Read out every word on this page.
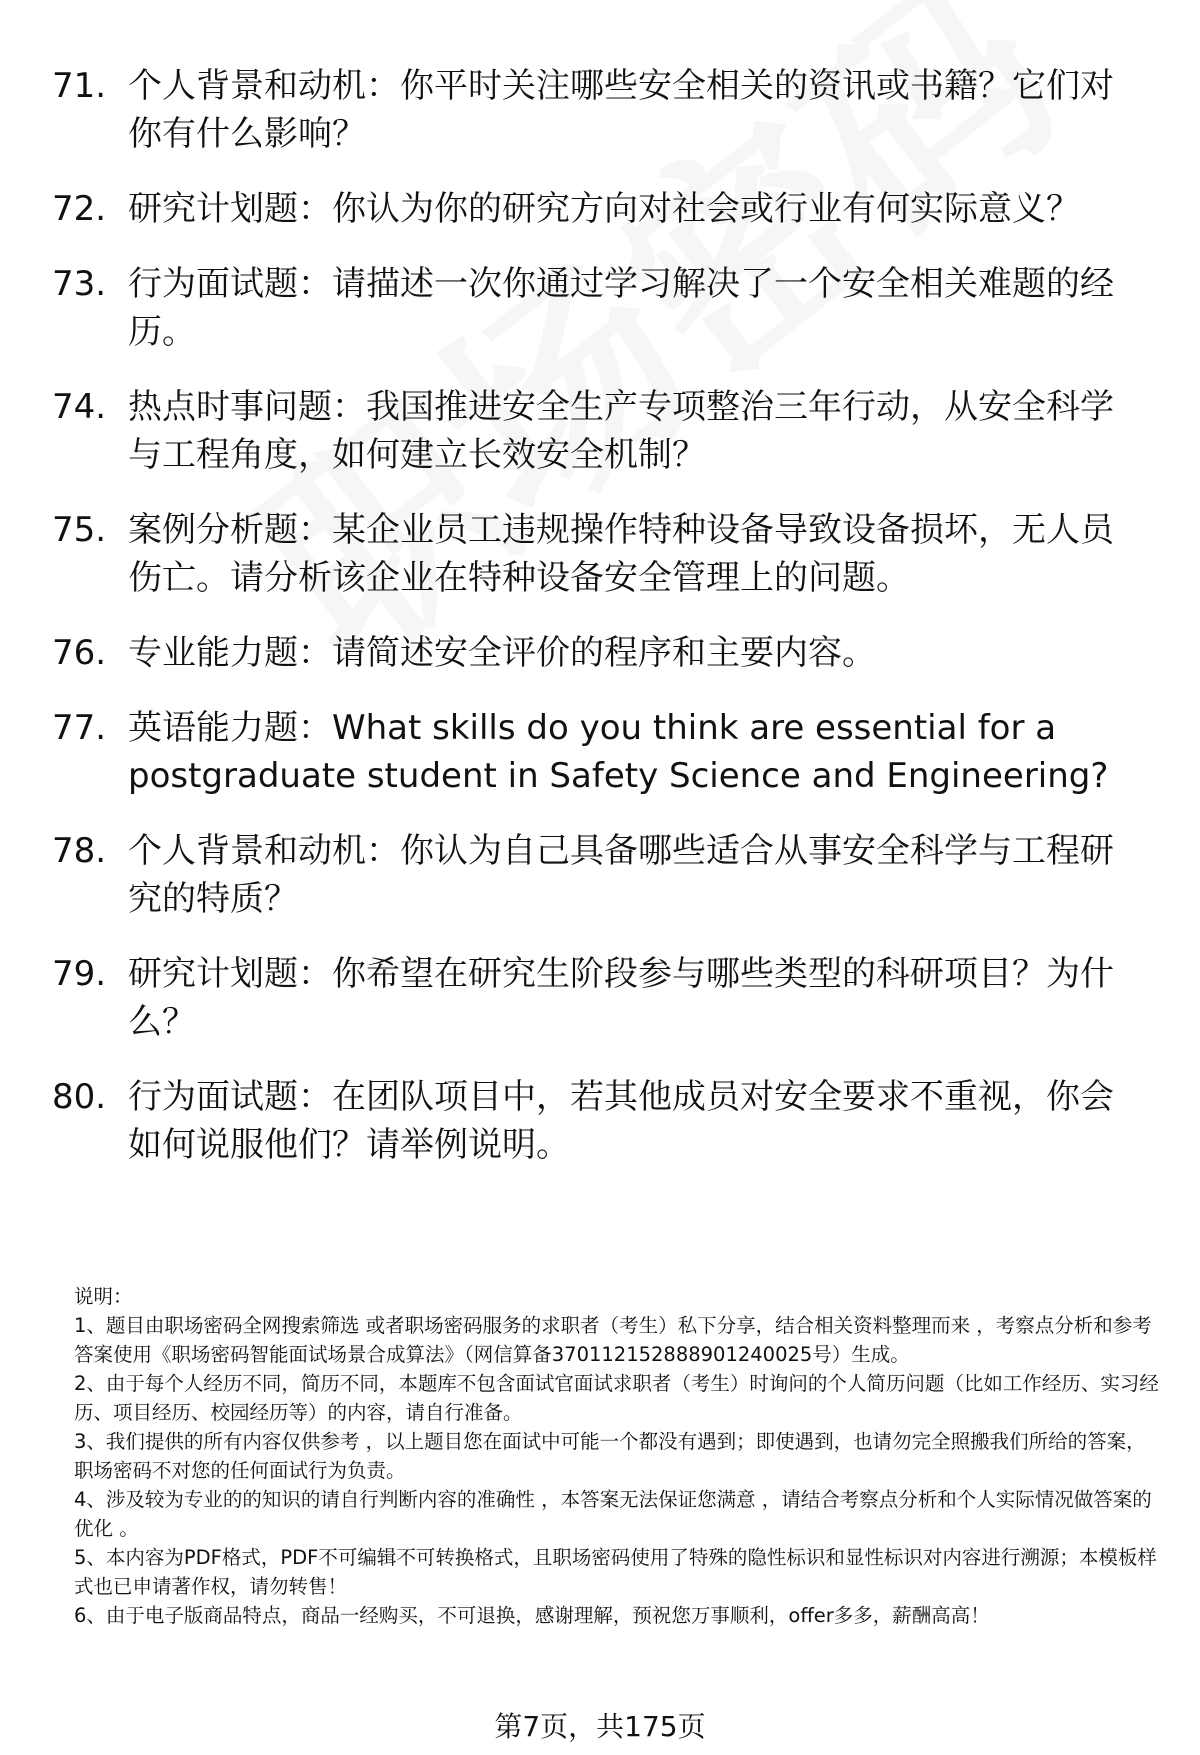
71. 个人背景和动机：你平时关注哪些安全相关的资讯或书籍？它们对你有什么影响？
72. 研究计划题：你认为你的研究方向对社会或行业有何实际意义？
73. 行为面试题：请描述一次你通过学习解决了一个安全相关难题的经历。
74. 热点时事问题：我国推进安全生产专项整治三年行动，从安全科学与工程角度，如何建立长效安全机制？
75. 案例分析题：某企业员工违规操作特种设备导致设备损坏，无人员伤亡。请分析该企业在特种设备安全管理上的问题。
76. 专业能力题：请简述安全评价的程序和主要内容。
77. 英语能力题：What skills do you think are essential for a postgraduate student in Safety Science and Engineering?
78. 个人背景和动机：你认为自己具备哪些适合从事安全科学与工程研究的特质？
79. 研究计划题：你希望在研究生阶段参与哪些类型的科研项目？为什么？
80. 行为面试题：在团队项目中，若其他成员对安全要求不重视，你会如何说服他们？请举例说明。

说明：

1、题目由职场密码全网搜索筛选 或者职场密码服务的求职者（考生）私下分享，结合相关资料整理而来 ，考察点分析和参考答案使用《职场密码智能面试场景合成算法》（网信算备370112152888901240025号）生成。

2、由于每个人经历不同，简历不同，本题库不包含面试官面试求职者（考生）时询问的个人简历问题（比如工作经历、实习经历、项目经历、校园经历等）的内容，请自行准备。

3、我们提供的所有内容仅供参考 ，以上题目您在面试中可能一个都没有遇到；即使遇到，也请勿完全照搬我们所给的答案，职场密码不对您的任何面试行为负责。

4、涉及较为专业的的知识的请自行判断内容的准确性 ，本答案无法保证您满意 ，请结合考察点分析和个人实际情况做答案的优化 。

5、本内容为PDF格式，PDF不可编辑不可转换格式，且职场密码使用了特殊的隐性标识和显性标识对内容进行溯源；本模板样式也已申请著作权，请勿转售！

6、由于电子版商品特点，商品一经购买，不可退换，感谢理解，预祝您万事顺利，offer多多，薪酬高高！

第7页，共175页
